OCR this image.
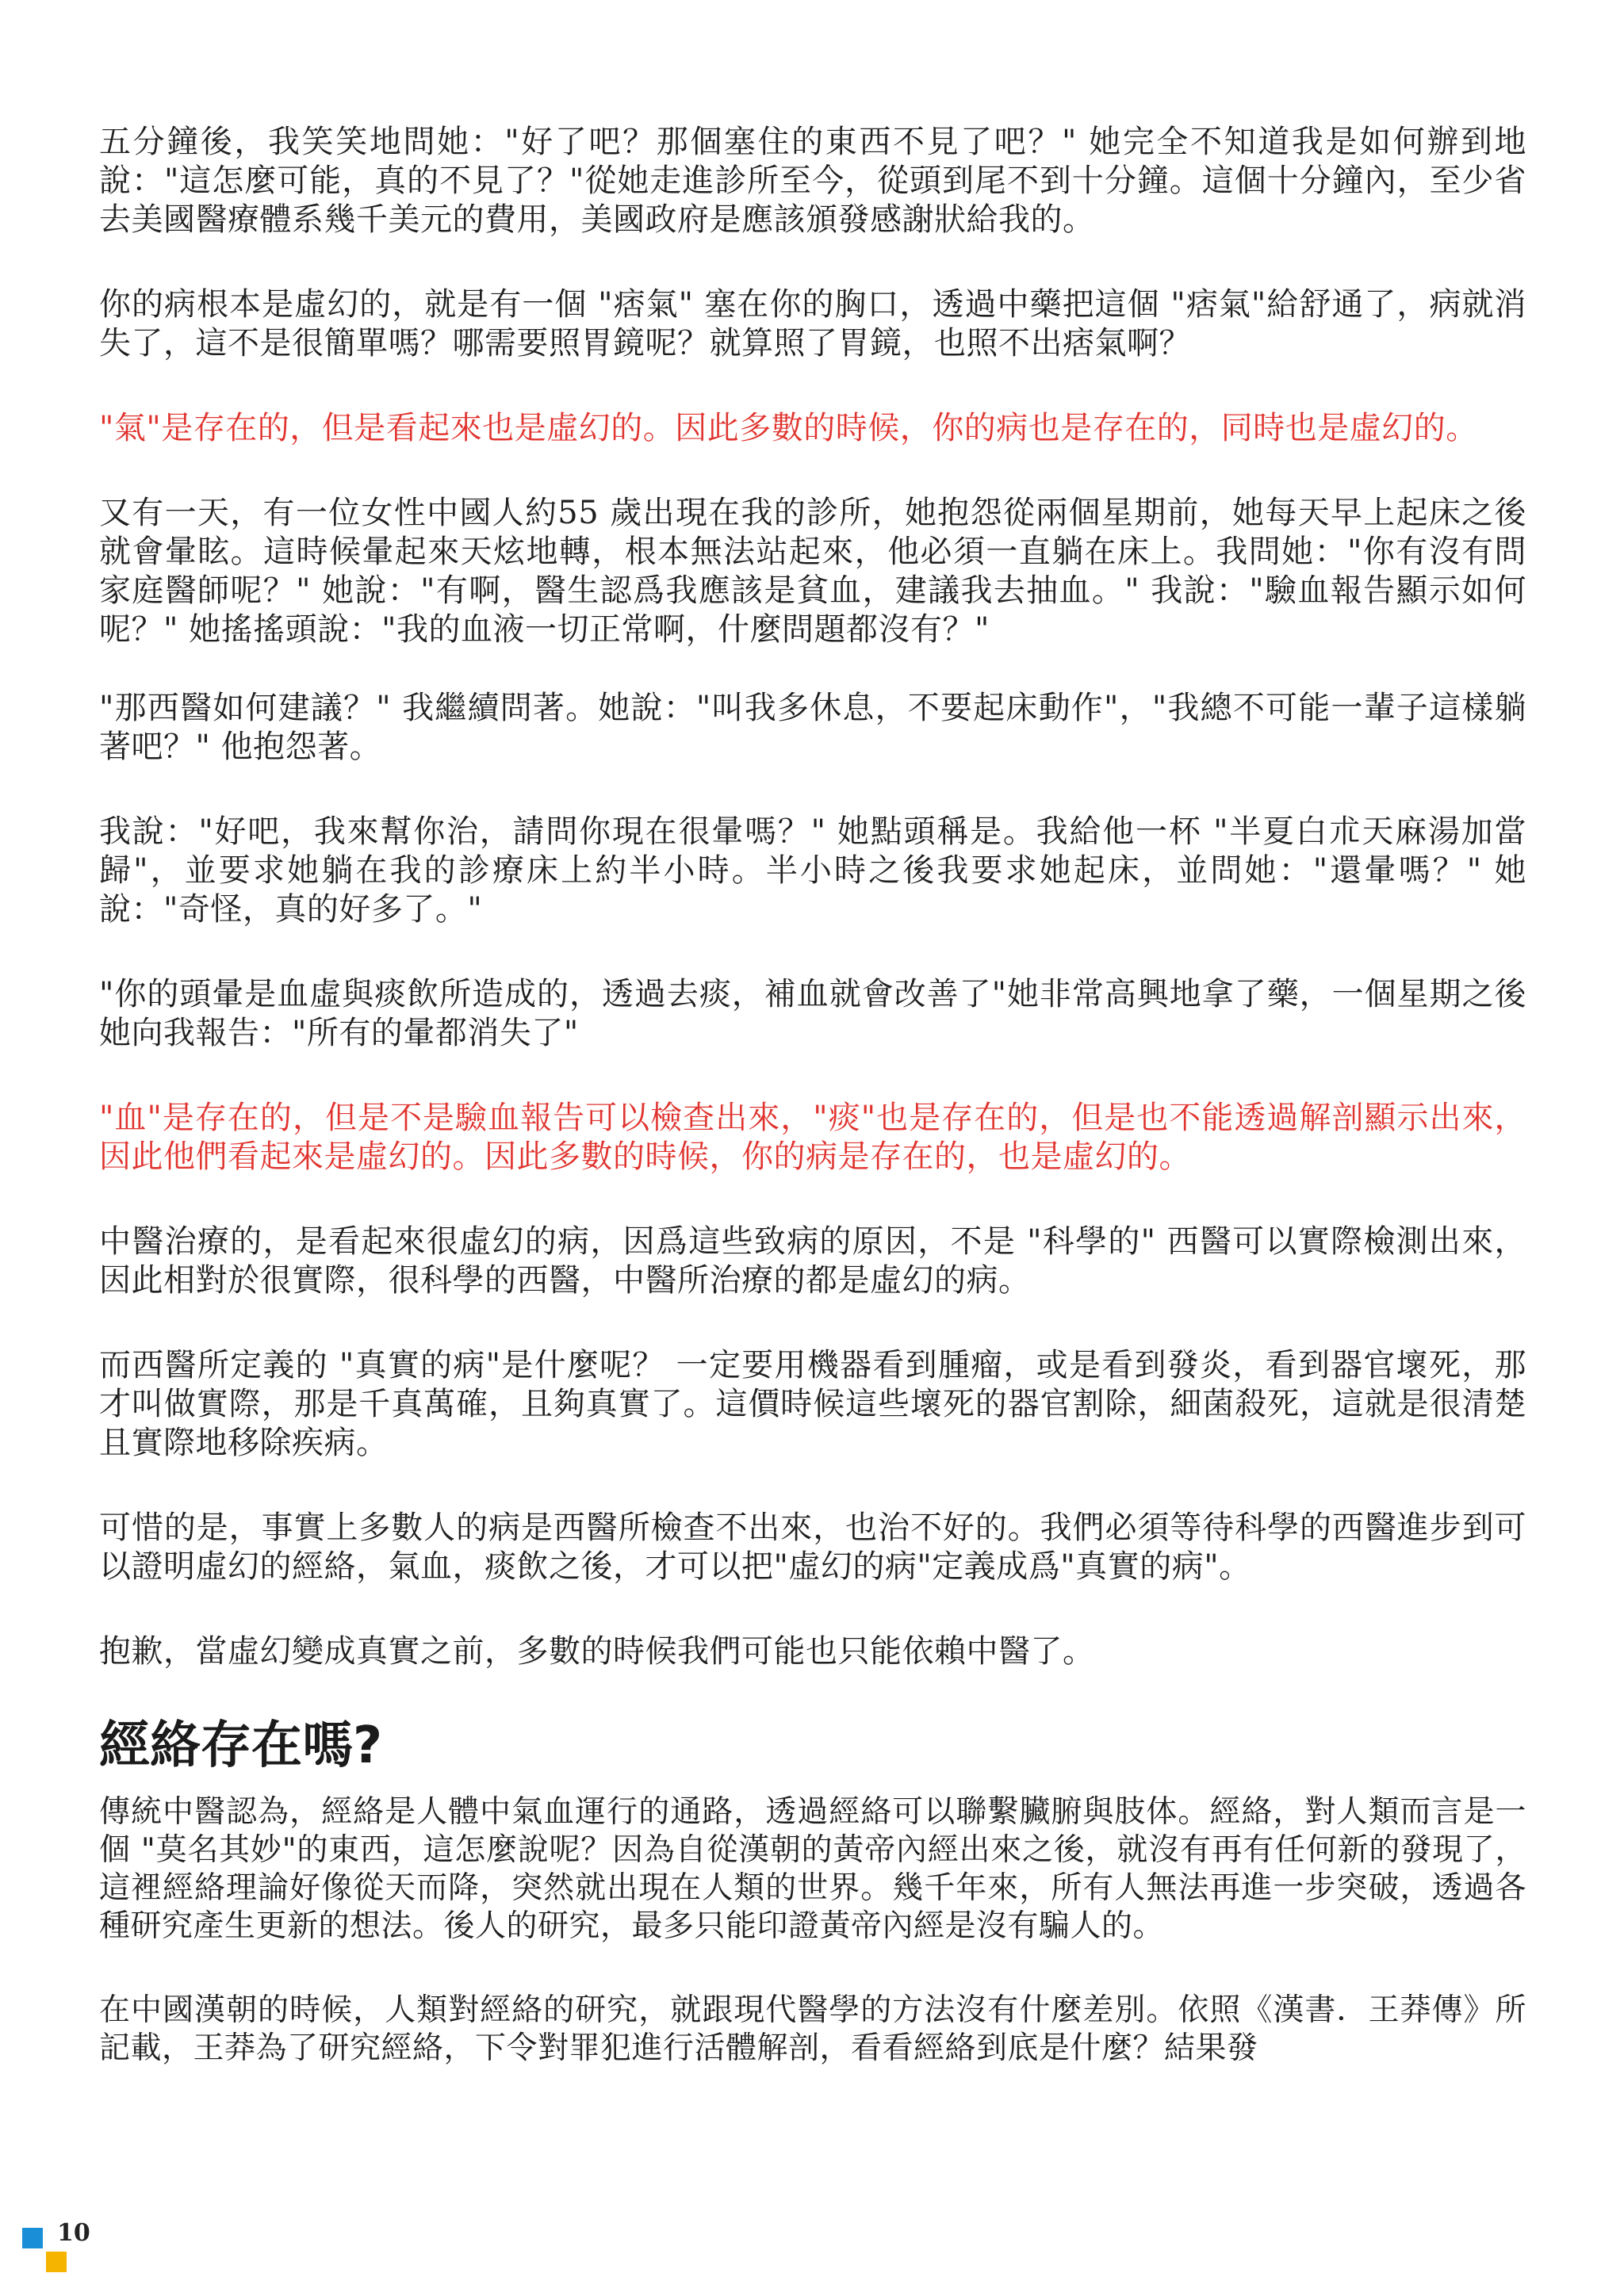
五分鐘後，我笑笑地問她："好了吧？那個塞住的東西不見了吧？" 她完全不知道我是如何辦到地說："這怎麼可能，真的不見了？"從她走進診所至今，從頭到尾不到十分鐘。這個十分鐘內，至少省去美國醫療體系幾千美元的費用，美國政府是應該頒發感謝狀給我的。

你的病根本是虛幻的，就是有一個 "痞氣" 塞在你的胸口，透過中藥把這個 "痞氣"給舒通了，病就消失了，這不是很簡單嗎？哪需要照胃鏡呢？就算照了胃鏡，也照不出痞氣啊？

"氣"是存在的，但是看起來也是虛幻的。因此多數的時候，你的病也是存在的，同時也是虛幻的。

又有一天，有一位女性中國人約55 歲出現在我的診所，她抱怨從兩個星期前，她每天早上起床之後就會暈眩。這時候暈起來天炫地轉，根本無法站起來，他必須一直躺在床上。我問她："你有沒有問家庭醫師呢？" 她說："有啊，醫生認爲我應該是貧血，建議我去抽血。" 我說："驗血報告顯示如何呢？" 她搖搖頭說："我的血液一切正常啊，什麼問題都沒有？"

"那西醫如何建議？" 我繼續問著。她說："叫我多休息，不要起床動作"，"我總不可能一輩子這樣躺著吧？" 他抱怨著。

我說："好吧，我來幫你治，請問你現在很暈嗎？" 她點頭稱是。我給他一杯 "半夏白朮天麻湯加當歸"，並要求她躺在我的診療床上約半小時。半小時之後我要求她起床，並問她："還暈嗎？" 她說："奇怪，真的好多了。"

"你的頭暈是血虛與痰飲所造成的，透過去痰，補血就會改善了"她非常高興地拿了藥，一個星期之後她向我報告："所有的暈都消失了"

"血"是存在的，但是不是驗血報告可以檢查出來，"痰"也是存在的，但是也不能透過解剖顯示出來，因此他們看起來是虛幻的。因此多數的時候，你的病是存在的，也是虛幻的。

中醫治療的，是看起來很虛幻的病，因爲這些致病的原因，不是 "科學的" 西醫可以實際檢測出來，因此相對於很實際，很科學的西醫，中醫所治療的都是虛幻的病。

而西醫所定義的 "真實的病"是什麼呢？ 一定要用機器看到腫瘤，或是看到發炎，看到器官壞死，那才叫做實際，那是千真萬確，且夠真實了。這價時候這些壞死的器官割除，細菌殺死，這就是很清楚且實際地移除疾病。

可惜的是，事實上多數人的病是西醫所檢查不出來，也治不好的。我們必須等待科學的西醫進步到可以證明虛幻的經絡，氣血，痰飲之後，才可以把"虛幻的病"定義成爲"真實的病"。

抱歉，當虛幻變成真實之前，多數的時候我們可能也只能依賴中醫了。

經絡存在嗎?

傳統中醫認為，經絡是人體中氣血運行的通路，透過經絡可以聯繫臟腑與肢体。經絡，對人類而言是一個 "莫名其妙"的東西，這怎麼說呢？因為自從漢朝的黃帝內經出來之後，就沒有再有任何新的發現了，這裡經絡理論好像從天而降，突然就出現在人類的世界。幾千年來，所有人無法再進一步突破，透過各種研究產生更新的想法。後人的研究，最多只能印證黃帝內經是沒有騙人的。

在中國漢朝的時候，人類對經絡的研究，就跟現代醫學的方法沒有什麼差別。依照《漢書．王莽傳》所記載，王莽為了研究經絡，下令對罪犯進行活體解剖，看看經絡到底是什麼？結果發

10
